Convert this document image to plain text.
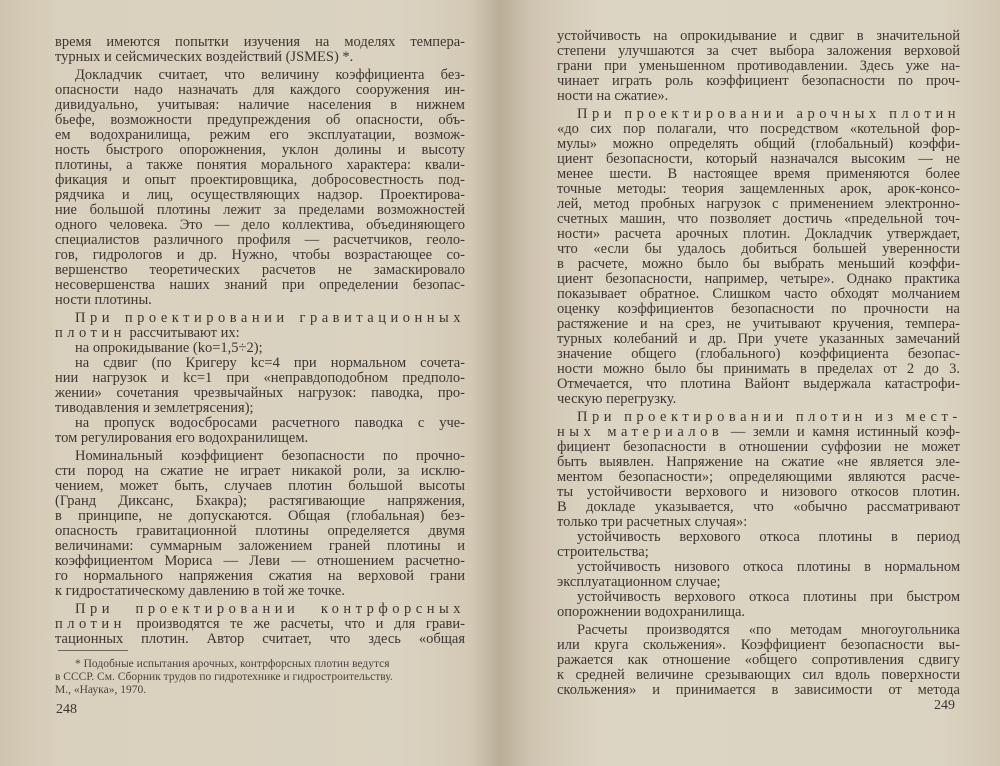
время имеются попытки изучения на моделях темпера-
турных и сейсмических воздействий (JSMES) *.
Докладчик считает, что величину коэффициента без-
опасности надо назначать для каждого сооружения ин-
дивидуально, учитывая: наличие населения в нижнем
бьефе, возможности предупреждения об опасности, объ-
ем водохранилища, режим его эксплуатации, возмож-
ность быстрого опорожнения, уклон долины и высоту
плотины, а также понятия морального характера: квали-
фикация и опыт проектировщика, добросовестность под-
рядчика и лиц, осуществляющих надзор. Проектирова-
ние большой плотины лежит за пределами возможностей
одного человека. Это — дело коллектива, объединяющего
специалистов различного профиля — расчетчиков, геоло-
гов, гидрологов и др. Нужно, чтобы возрастающее со-
вершенство теоретических расчетов не замаскировало
несовершенства наших знаний при определении безопас-
ности плотины.
При проектировании гравитационных
плотин рассчитывают их:
на опрокидывание (kо=1,5÷2);
на сдвиг (по Кригеру kс=4 при нормальном сочета-
нии нагрузок и kс=1 при «неправдоподобном предполо-
жении» сочетания чрезвычайных нагрузок: паводка, про-
тиводавления и землетрясения);
на пропуск водосбросами расчетного паводка с уче-
том регулирования его водохранилищем.
Номинальный коэффициент безопасности по прочно-
сти пород на сжатие не играет никакой роли, за исклю-
чением, может быть, случаев плотин большой высоты
(Гранд Диксанс, Бхакра); растягивающие напряжения,
в принципе, не допускаются. Общая (глобальная) без-
опасность гравитационной плотины определяется двумя
величинами: суммарным заложением граней плотины и
коэффициентом Мориса — Леви — отношением расчетно-
го нормального напряжения сжатия на верховой грани
к гидростатическому давлению в той же точке.
При проектировании контрфорсных
плотин производятся те же расчеты, что и для грави-
тационных плотин. Автор считает, что здесь «общая
* Подобные испытания арочных, контрфорсных плотин ведутся
в СССР. См. Сборник трудов по гидротехнике и гидростроительству.
М., «Наука», 1970.
248
устойчивость на опрокидывание и сдвиг в значительной
степени улучшаются за счет выбора заложения верховой
грани при уменьшенном противодавлении. Здесь уже на-
чинает играть роль коэффициент безопасности по проч-
ности на сжатие».
При проектировании арочных плотин
«до сих пор полагали, что посредством «котельной фор-
мулы» можно определять общий (глобальный) коэффи-
циент безопасности, который назначался высоким — не
менее шести. В настоящее время применяются более
точные методы: теория защемленных арок, арок-консо-
лей, метод пробных нагрузок с применением электронно-
счетных машин, что позволяет достичь «предельной точ-
ности» расчета арочных плотин. Докладчик утверждает,
что «если бы удалось добиться большей уверенности
в расчете, можно было бы выбрать меньший коэффи-
циент безопасности, например, четыре». Однако практика
показывает обратное. Слишком часто обходят молчанием
оценку коэффициентов безопасности по прочности на
растяжение и на срез, не учитывают кручения, темпера-
турных колебаний и др. При учете указанных замечаний
значение общего (глобального) коэффициента безопас-
ности можно было бы принимать в пределах от 2 до 3.
Отмечается, что плотина Вайонт выдержала катастрофи-
ческую перегрузку.
При проектировании плотин из мест-
ных материалов — земли и камня истинный коэф-
фициент безопасности в отношении суффозии не может
быть выявлен. Напряжение на сжатие «не является эле-
ментом безопасности»; определяющими являются расче-
ты устойчивости верхового и низового откосов плотин.
В докладе указывается, что «обычно рассматривают
только три расчетных случая»:
устойчивость верхового откоса плотины в период
строительства;
устойчивость низового откоса плотины в нормальном
эксплуатационном случае;
устойчивость верхового откоса плотины при быстром
опорожнении водохранилища.
Расчеты производятся «по методам многоугольника
или круга скольжения». Коэффициент безопасности вы-
ражается как отношение «общего сопротивления сдвигу
к средней величине срезывающих сил вдоль поверхности
скольжения» и принимается в зависимости от метода
249
